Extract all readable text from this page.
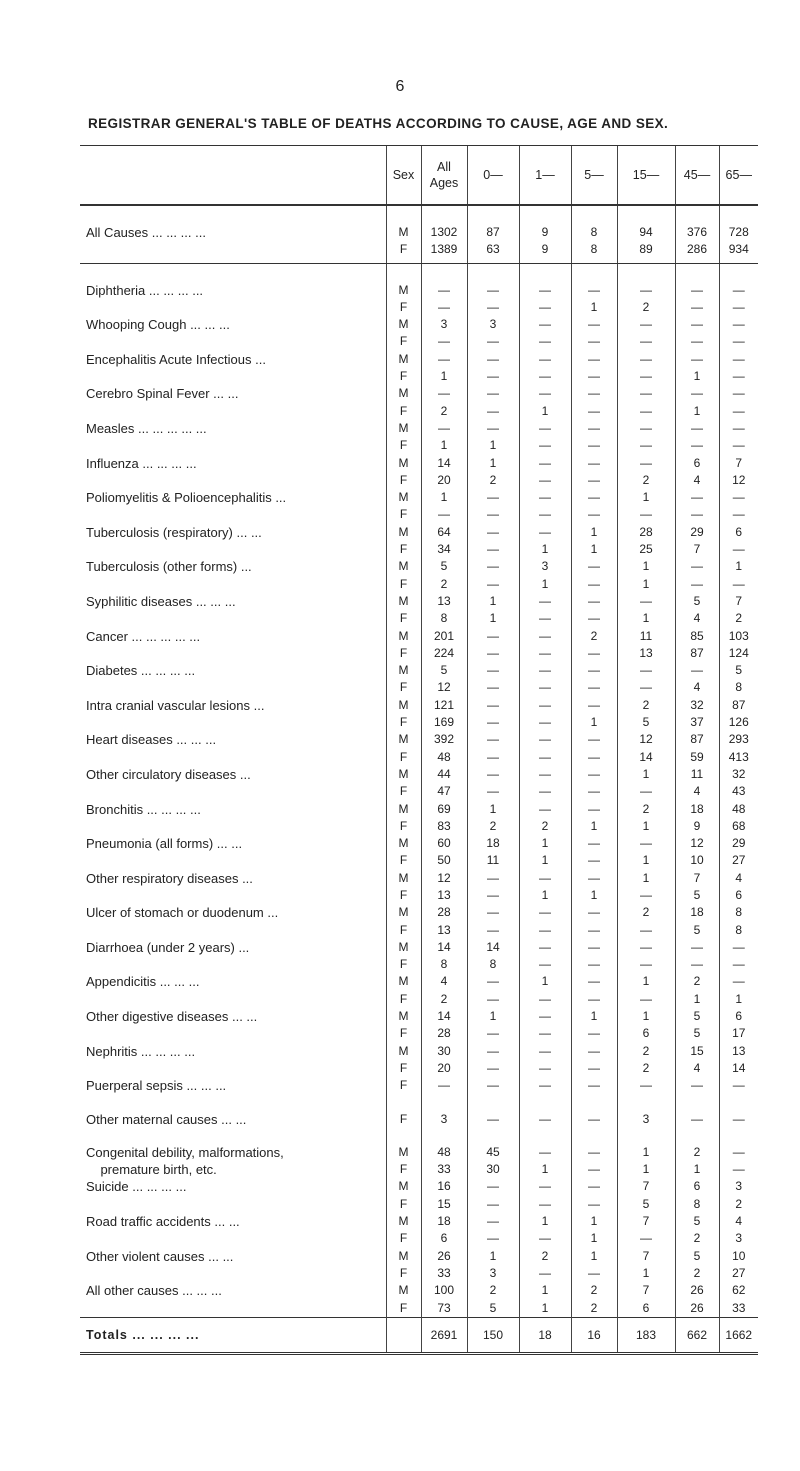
6
REGISTRAR GENERAL'S TABLE OF DEATHS ACCORDING TO CAUSE, AGE AND SEX.
	Sex	All Ages	0—	1—	5—	15—	45—	65—

All Causes ... ... ... ...	M	1302	87	9	8	94	376	728
	F	1389	63	9	8	89	286	934

Diphtheria ... ... ... ...	M	—	—	—	—	—	—	—
	F	—	—	—	1	2	—	—
Whooping Cough ... ... ...	M	3	3	—	—	—	—	—
	F	—	—	—	—	—	—	—
Encephalitis Acute Infectious ...	M	—	—	—	—	—	—	—
	F	1	—	—	—	—	1	—
Cerebro Spinal Fever ... ...	M	—	—	—	—	—	—	—
	F	2	—	1	—	—	1	—
Measles ... ... ... ... ...	M	—	—	—	—	—	—	—
	F	1	1	—	—	—	—	—
Influenza ... ... ... ...	M	14	1	—	—	—	6	7
	F	20	2	—	—	2	4	12
Poliomyelitis & Polioencephalitis ...	M	1	—	—	—	1	—	—
	F	—	—	—	—	—	—	—
Tuberculosis (respiratory) ... ...	M	64	—	—	1	28	29	6
	F	34	—	1	1	25	7	—
Tuberculosis (other forms) ...	M	5	—	3	—	1	—	1
	F	2	—	1	—	1	—	—
Syphilitic diseases ... ... ...	M	13	1	—	—	—	5	7
	F	8	1	—	—	1	4	2
Cancer ... ... ... ... ...	M	201	—	—	2	11	85	103
	F	224	—	—	—	13	87	124
Diabetes ... ... ... ...	M	5	—	—	—	—	—	5
	F	12	—	—	—	—	4	8
Intra cranial vascular lesions ...	M	121	—	—	—	2	32	87
	F	169	—	—	1	5	37	126
Heart diseases ... ... ...	M	392	—	—	—	12	87	293
	F	48	—	—	—	14	59	413
Other circulatory diseases ...	M	44	—	—	—	1	11	32
	F	47	—	—	—	—	4	43
Bronchitis ... ... ... ...	M	69	1	—	—	2	18	48
	F	83	2	2	1	1	9	68
Pneumonia (all forms) ... ...	M	60	18	1	—	—	12	29
	F	50	11	1	—	1	10	27
Other respiratory diseases ...	M	12	—	—	—	1	7	4
	F	13	—	1	1	—	5	6
Ulcer of stomach or duodenum ...	M	28	—	—	—	2	18	8
	F	13	—	—	—	—	5	8
Diarrhoea (under 2 years) ...	M	14	14	—	—	—	—	—
	F	8	8	—	—	—	—	—
Appendicitis ... ... ...	M	4	—	1	—	1	2	—
	F	2	—	—	—	—	1	1
Other digestive diseases ... ...	M	14	1	—	1	1	5	6
	F	28	—	—	—	6	5	17
Nephritis ... ... ... ...	M	30	—	—	—	2	15	13
	F	20	—	—	—	2	4	14
Puerperal sepsis ... ... ...	F	—	—	—	—	—	—	—

Other maternal causes ... ...	F	3	—	—	—	3	—	—

Congenital debility, malformations,	M	48	45	—	—	1	2	—
premature birth, etc.	F	33	30	1	—	1	1	—
Suicide ... ... ... ...	M	16	—	—	—	7	6	3
	F	15	—	—	—	5	8	2
Road traffic accidents ... ...	M	18	—	1	1	7	5	4
	F	6	—	—	1	—	2	3
Other violent causes ... ...	M	26	1	2	1	7	5	10
	F	33	3	—	—	1	2	27
All other causes ... ... ...	M	100	2	1	2	7	26	62
	F	73	5	1	2	6	26	33
Totals ... ... ... ...		2691	150	18	16	183	662	1662
